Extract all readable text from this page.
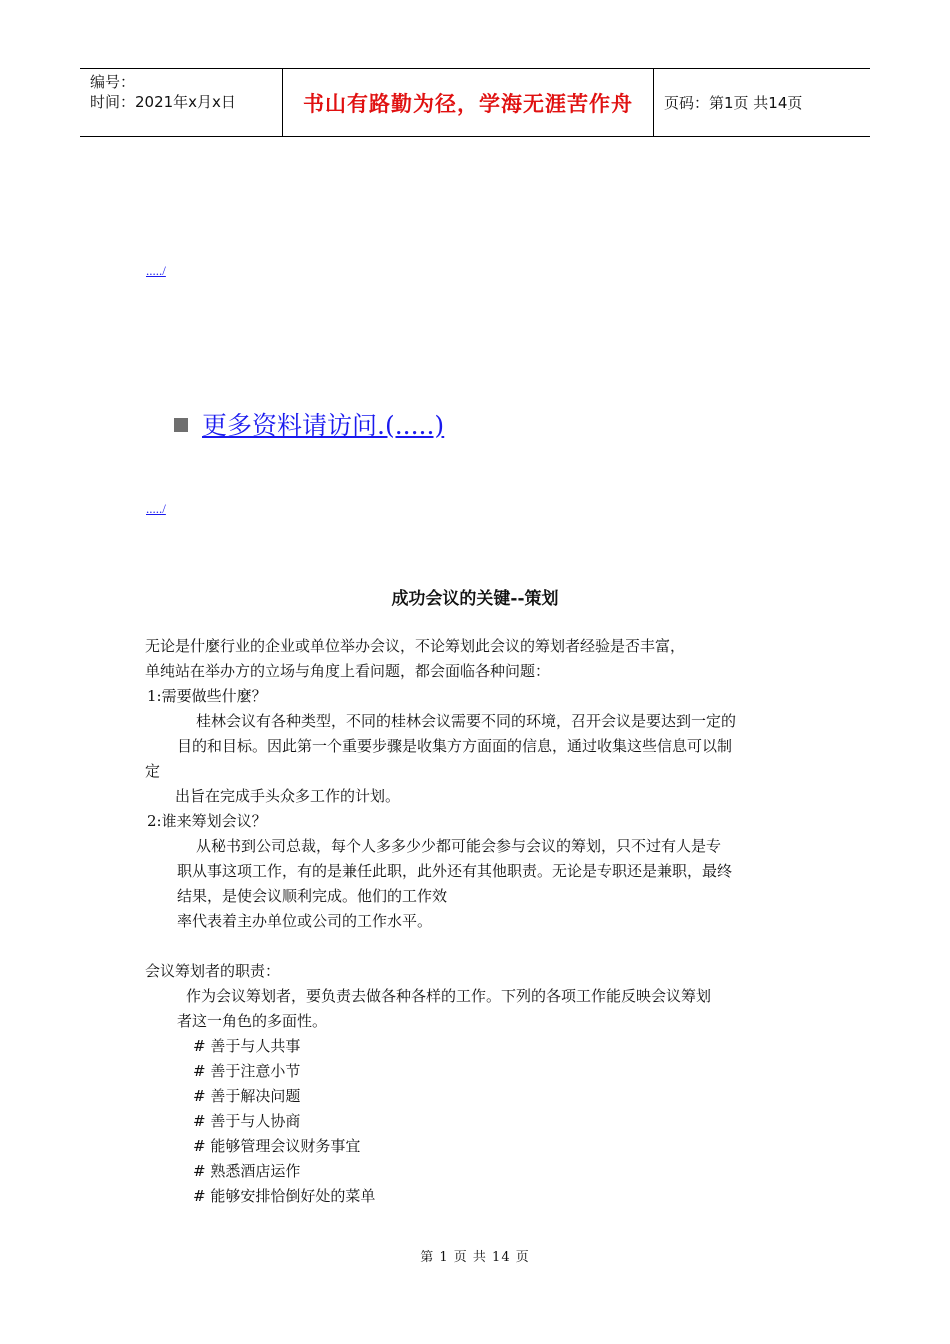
编号：
时间：2021年x月x日	书山有路勤为径，学海无涯苦作舟	页码：第1页 共14页
...../
更多资料请访问.(.....)
...../
成功会议的关键--策划
无论是什麼行业的企业或单位举办会议，不论筹划此会议的筹划者经验是否丰富，
单纯站在举办方的立场与角度上看问题，都会面临各种问题：
1:需要做些什麼？
桂林会议有各种类型，不同的桂林会议需要不同的环境，召开会议是要达到一定的
目的和目标。因此第一个重要步骤是收集方方面面的信息，通过收集这些信息可以制
定
出旨在完成手头众多工作的计划。
2:谁来筹划会议？
从秘书到公司总裁，每个人多多少少都可能会参与会议的筹划，只不过有人是专
职从事这项工作，有的是兼任此职，此外还有其他职责。无论是专职还是兼职，最终
结果，是使会议顺利完成。他们的工作效
率代表着主办单位或公司的工作水平。
会议筹划者的职责：
作为会议筹划者，要负责去做各种各样的工作。下列的各项工作能反映会议筹划
者这一角色的多面性。
# 善于与人共事
# 善于注意小节
# 善于解决问题
# 善于与人协商
# 能够管理会议财务事宜
# 熟悉酒店运作
# 能够安排恰倒好处的菜单
第 1 页 共 14 页
